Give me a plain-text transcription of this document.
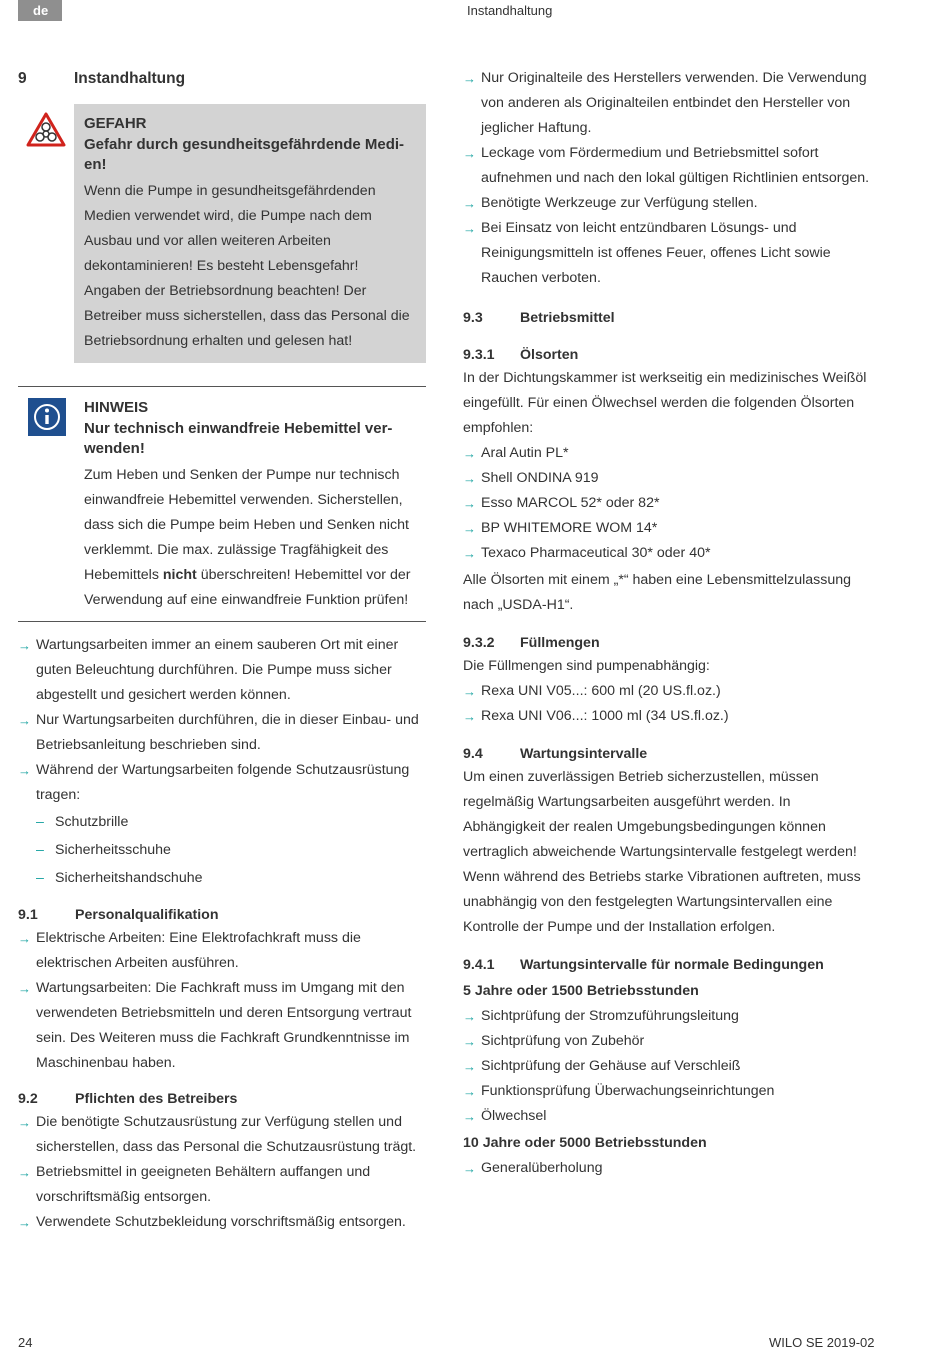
de	Instandhaltung
9	Instandhaltung
GEFAHR
Gefahr durch gesundheitsgefährdende Medi-en!
Wenn die Pumpe in gesundheitsgefährdenden Medien verwendet wird, die Pumpe nach dem Ausbau und vor allen weiteren Arbeiten dekontaminieren! Es besteht Lebensgefahr! Angaben der Betriebsordnung beachten! Der Betreiber muss sicherstellen, dass das Personal die Betriebsordnung erhalten und gelesen hat!
HINWEIS
Nur technisch einwandfreie Hebemittel ver-wenden!
Zum Heben und Senken der Pumpe nur technisch einwandfreie Hebemittel verwenden. Sicherstellen, dass sich die Pumpe beim Heben und Senken nicht verklemmt. Die max. zulässige Tragfähigkeit des Hebemittels nicht überschreiten! Hebemittel vor der Verwendung auf eine einwandfreie Funktion prüfen!
→ Wartungsarbeiten immer an einem sauberen Ort mit einer guten Beleuchtung durchführen. Die Pumpe muss sicher abgestellt und gesichert werden können.
→ Nur Wartungsarbeiten durchführen, die in dieser Einbau- und Betriebsanleitung beschrieben sind.
→ Während der Wartungsarbeiten folgende Schutzausrüstung tragen:
– Schutzbrille
– Sicherheitsschuhe
– Sicherheitshandschuhe
9.1	Personalqualifikation
→ Elektrische Arbeiten: Eine Elektrofachkraft muss die elektrischen Arbeiten ausführen.
→ Wartungsarbeiten: Die Fachkraft muss im Umgang mit den verwendeten Betriebsmitteln und deren Entsorgung vertraut sein. Des Weiteren muss die Fachkraft Grundkenntnisse im Maschinenbau haben.
9.2	Pflichten des Betreibers
→ Die benötigte Schutzausrüstung zur Verfügung stellen und sicherstellen, dass das Personal die Schutzausrüstung trägt.
→ Betriebsmittel in geeigneten Behältern auffangen und vorschriftsmäßig entsorgen.
→ Verwendete Schutzbekleidung vorschriftsmäßig entsorgen.
→ Nur Originalteile des Herstellers verwenden. Die Verwendung von anderen als Originalteilen entbindet den Hersteller von jeglicher Haftung.
→ Leckage vom Fördermedium und Betriebsmittel sofort aufnehmen und nach den lokal gültigen Richtlinien entsorgen.
→ Benötigte Werkzeuge zur Verfügung stellen.
→ Bei Einsatz von leicht entzündbaren Lösungs- und Reinigungsmitteln ist offenes Feuer, offenes Licht sowie Rauchen verboten.
9.3	Betriebsmittel
9.3.1	Ölsorten

In der Dichtungskammer ist werkseitig ein medizinisches Weißöl eingefüllt. Für einen Ölwechsel werden die folgenden Ölsorten empfohlen:

→ Aral Autin PL*
→ Shell ONDINA 919
→ Esso MARCOL 52* oder 82*
→ BP WHITEMORE WOM 14*
→ Texaco Pharmaceutical 30* oder 40*

Alle Ölsorten mit einem „*“ haben eine Lebensmittelzulassung nach „USDA-H1“.

9.3.2	Füllmengen

Die Füllmengen sind pumpenabhängig:

→ Rexa UNI V05...: 600 ml (20 US.fl.oz.)
→ Rexa UNI V06...: 1000 ml (34 US.fl.oz.)
9.4	Wartungsintervalle

Um einen zuverlässigen Betrieb sicherzustellen, müssen regelmäßig Wartungsarbeiten ausgeführt werden. In Abhängigkeit der realen Umgebungsbedingungen können vertraglich abweichende Wartungsintervalle festgelegt werden! Wenn während des Betriebs starke Vibrationen auftreten, muss unabhängig von den festgelegten Wartungsintervallen eine Kontrolle der Pumpe und der Installation erfolgen.

9.4.1	Wartungsintervalle für normale Bedingungen

5 Jahre oder 1500 Betriebsstunden

→ Sichtprüfung der Stromzuführungsleitung
→ Sichtprüfung von Zubehör
→ Sichtprüfung der Gehäuse auf Verschleiß
→ Funktionsprüfung Überwachungseinrichtungen
→ Ölwechsel

10 Jahre oder 5000 Betriebsstunden

→ Generalüberholung
24	WILO SE 2019-02
